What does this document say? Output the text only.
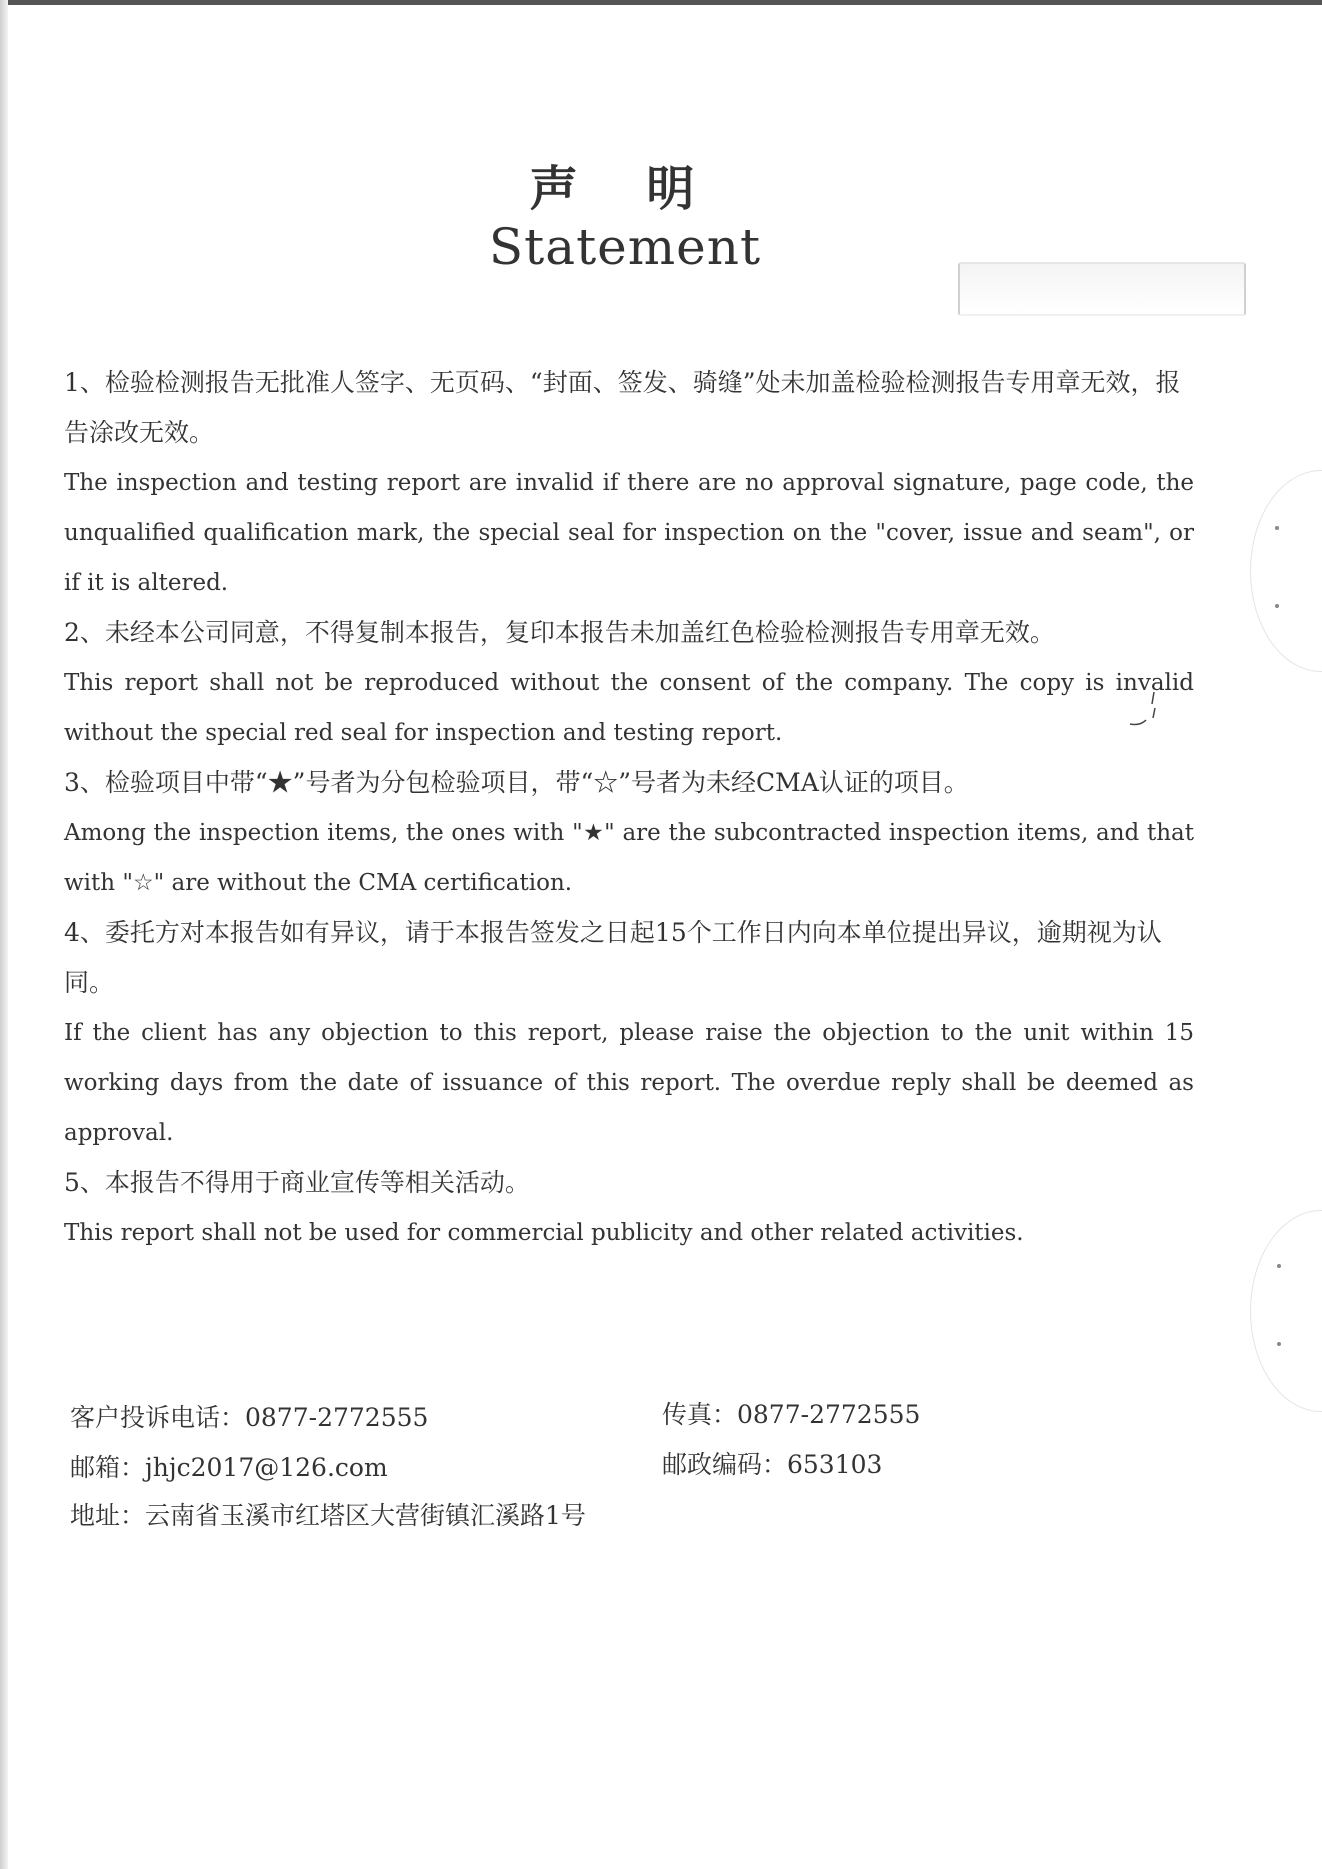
声 明
Statement

1、检验检测报告无批准人签字、无页码、“封面、签发、骑缝”处未加盖检验检测报告专用章无效，报告涂改无效。

The inspection and testing report are invalid if there are no approval signature, page code, the unqualified qualification mark, the special seal for inspection on the "cover, issue and seam", or if it is altered.

2、未经本公司同意，不得复制本报告，复印本报告未加盖红色检验检测报告专用章无效。

This report shall not be reproduced without the consent of the company. The copy is invalid without the special red seal for inspection and testing report.

3、检验项目中带“★”号者为分包检验项目，带“☆”号者为未经CMA认证的项目。

Among the inspection items, the ones with "★" are the subcontracted inspection items, and that with "☆" are without the CMA certification.

4、委托方对本报告如有异议，请于本报告签发之日起15个工作日内向本单位提出异议，逾期视为认同。

If the client has any objection to this report, please raise the objection to the unit within 15 working days from the date of issuance of this report. The overdue reply shall be deemed as approval.

5、本报告不得用于商业宣传等相关活动。

This report shall not be used for commercial publicity and other related activities.

客户投诉电话：0877-2772555	传真：0877-2772555
邮箱：jhjc2017@126.com	邮政编码：653103
地址：云南省玉溪市红塔区大营街镇汇溪路1号
